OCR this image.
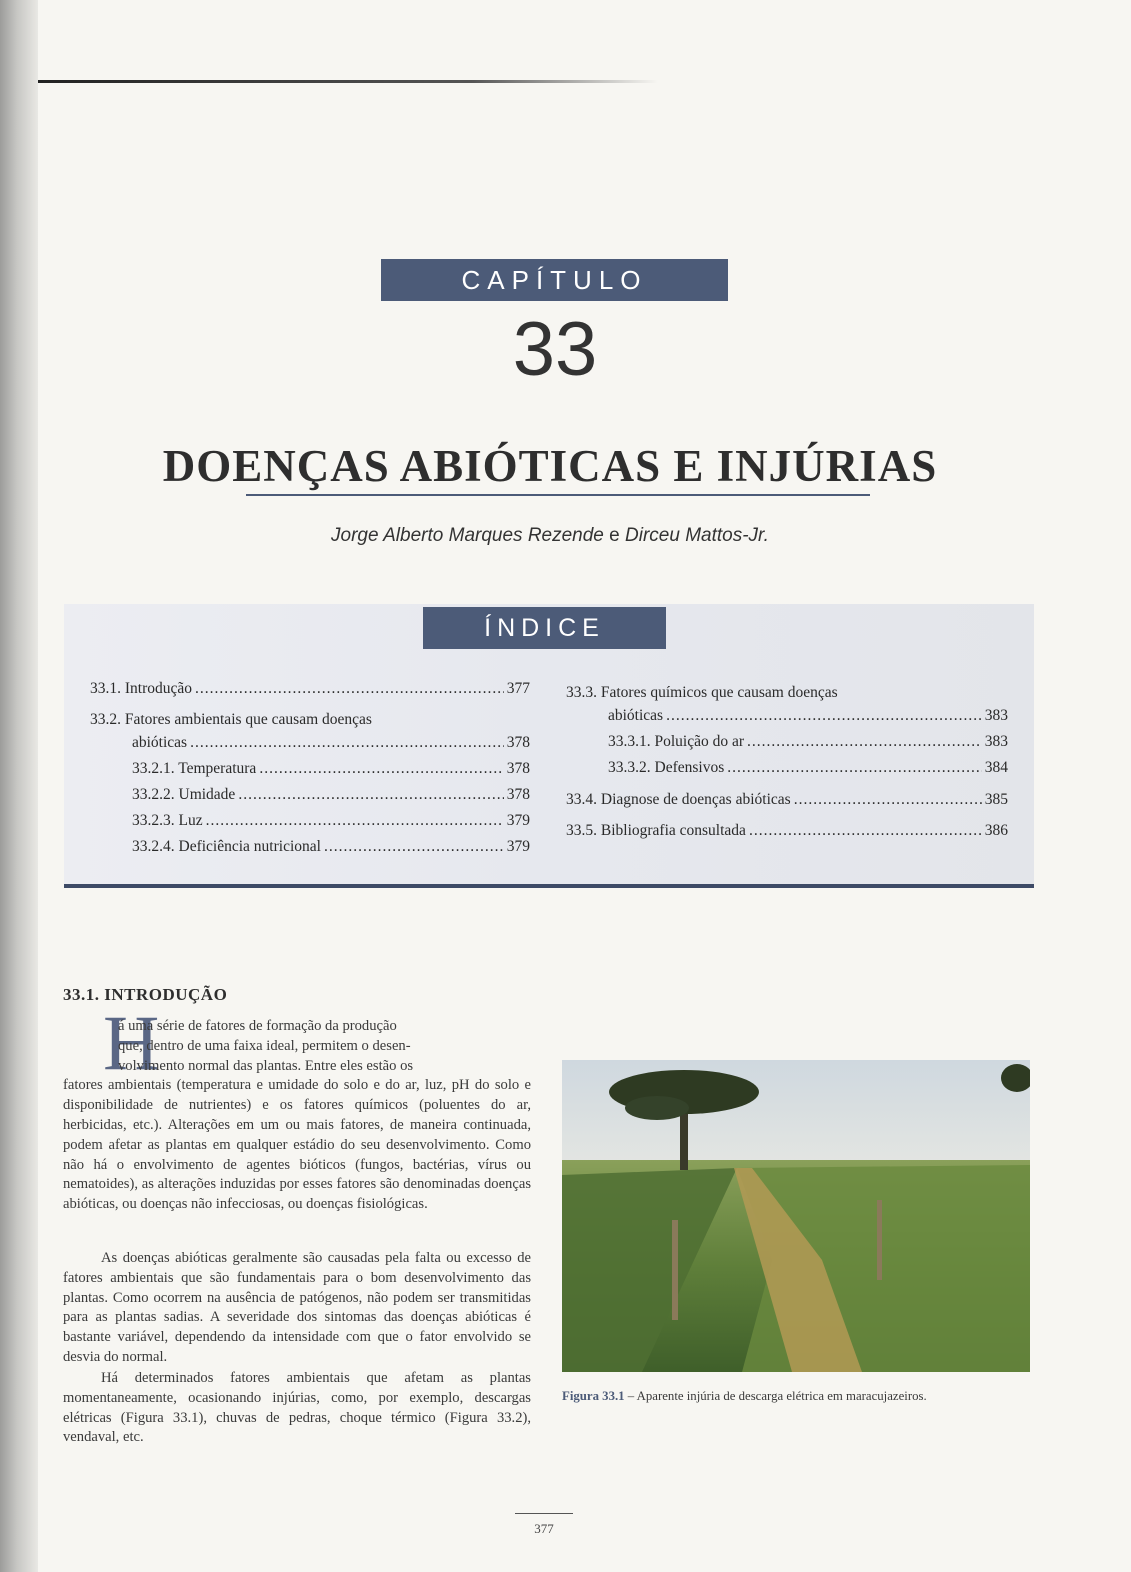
CAPÍTULO
33
DOENÇAS ABIÓTICAS E INJÚRIAS
Jorge Alberto Marques Rezende e Dirceu Mattos-Jr.
ÍNDICE
33.1. Introdução .....	377
33.2. Fatores ambientais que causam doenças
abióticas .....	378
33.2.1. Temperatura .....	378
33.2.2. Umidade .....	378
33.2.3. Luz .....	379
33.2.4. Deficiência nutricional .....	379
33.3. Fatores químicos que causam doenças
abióticas .....	383
33.3.1. Poluição do ar .....	383
33.3.2. Defensivos .....	384
33.4. Diagnose de doenças abióticas .....	385
33.5. Bibliografia consultada .....	386
33.1. INTRODUÇÃO
H

á uma série de fatores de formação da produção

que, dentro de uma faixa ideal, permitem o desen-

volvimento normal das plantas. Entre eles estão os

fatores ambientais (temperatura e umidade do solo e do ar, luz, pH do solo e disponibilidade de nutrientes) e os fatores químicos (poluentes do ar, herbicidas, etc.). Alterações em um ou mais fatores, de maneira continuada, podem afetar as plantas em qualquer estádio do seu desenvolvimento. Como não há o envolvimento de agentes bióticos (fungos, bactérias, vírus ou nematoides), as alterações induzidas por esses fatores são denominadas doenças abióticas, ou doenças não infecciosas, ou doenças fisiológicas.

As doenças abióticas geralmente são causadas pela falta ou excesso de fatores ambientais que são fundamentais para o bom desenvolvimento das plantas. Como ocorrem na ausência de patógenos, não podem ser transmitidas para as plantas sadias. A severidade dos sintomas das doenças abióticas é bastante variável, dependendo da intensidade com que o fator envolvido se desvia do normal.

Há determinados fatores ambientais que afetam as plantas momentaneamente, ocasionando injúrias, como, por exemplo, descargas elétricas (Figura 33.1), chuvas de pedras, choque térmico (Figura 33.2), vendaval, etc.

Figura 33.1 – Aparente injúria de descarga elétrica em maracujazeiros.
377
